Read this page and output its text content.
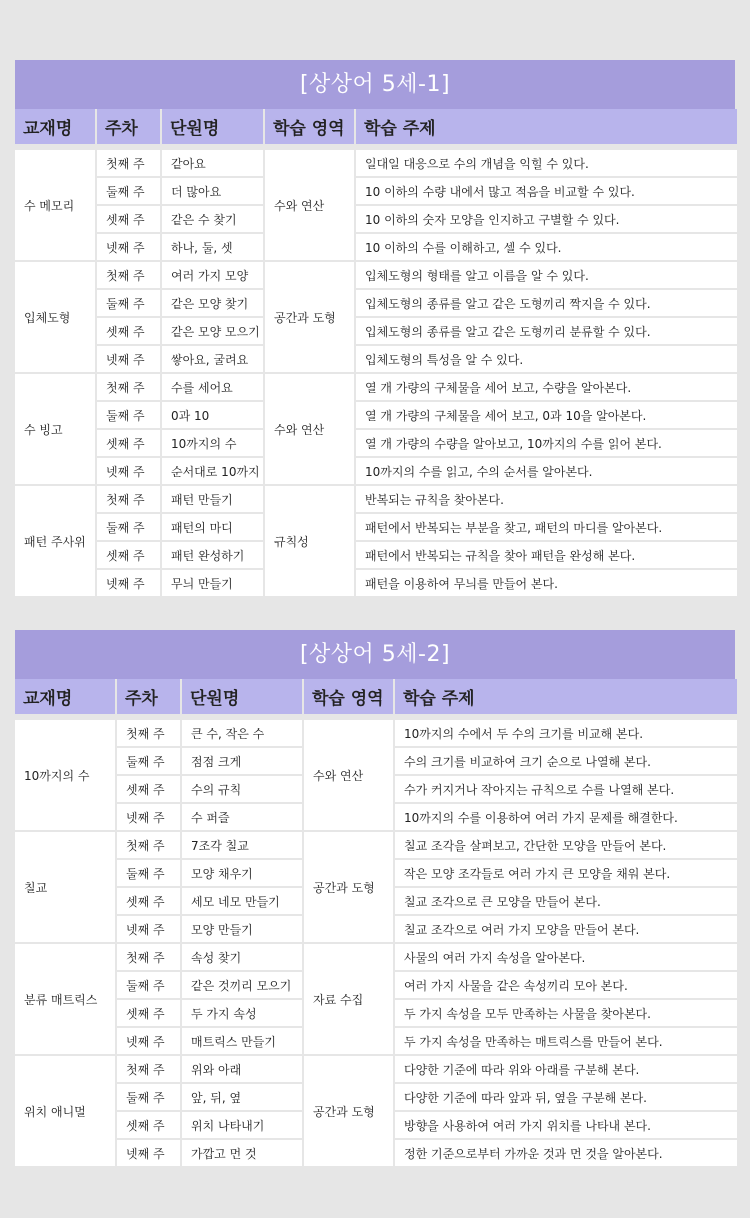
[상상어 5세-1]
교재명	주차	단원명	학습 영역	학습 주제
수 메모리	첫째 주	같아요	수와 연산	일대일 대응으로 수의 개념을 익힐 수 있다.
	둘째 주	더 많아요		10 이하의 수량 내에서 많고 적음을 비교할 수 있다.
	셋째 주	같은 수 찾기		10 이하의 숫자 모양을 인지하고 구별할 수 있다.
	넷째 주	하나, 둘, 셋		10 이하의 수를 이해하고, 셀 수 있다.
입체도형	첫째 주	여러 가지 모양	공간과 도형	입체도형의 형태를 알고 이름을 알 수 있다.
	둘째 주	같은 모양 찾기		입체도형의 종류를 알고 같은 도형끼리 짝지을 수 있다.
	셋째 주	같은 모양 모으기		입체도형의 종류를 알고 같은 도형끼리 분류할 수 있다.
	넷째 주	쌓아요, 굴려요		입체도형의 특성을 알 수 있다.
수 빙고	첫째 주	수를 세어요	수와 연산	열 개 가량의 구체물을 세어 보고, 수량을 알아본다.
	둘째 주	0과 10		열 개 가량의 구체물을 세어 보고, 0과 10을 알아본다.
	셋째 주	10까지의 수		열 개 가량의 수량을 알아보고, 10까지의 수를 읽어 본다.
	넷째 주	순서대로 10까지		10까지의 수를 읽고, 수의 순서를 알아본다.
패턴 주사위	첫째 주	패턴 만들기	규칙성	반복되는 규칙을 찾아본다.
	둘째 주	패턴의 마디		패턴에서 반복되는 부분을 찾고, 패턴의 마디를 알아본다.
	셋째 주	패턴 완성하기		패턴에서 반복되는 규칙을 찾아 패턴을 완성해 본다.
	넷째 주	무늬 만들기		패턴을 이용하여 무늬를 만들어 본다.
[상상어 5세-2]
교재명	주차	단원명	학습 영역	학습 주제
10까지의 수	첫째 주	큰 수, 작은 수	수와 연산	10까지의 수에서 두 수의 크기를 비교해 본다.
	둘째 주	점점 크게		수의 크기를 비교하여 크기 순으로 나열해 본다.
	셋째 주	수의 규칙		수가 커지거나 작아지는 규칙으로 수를 나열해 본다.
	넷째 주	수 퍼즐		10까지의 수를 이용하여 여러 가지 문제를 해결한다.
칠교	첫째 주	7조각 칠교	공간과 도형	칠교 조각을 살펴보고, 간단한 모양을 만들어 본다.
	둘째 주	모양 채우기		작은 모양 조각들로 여러 가지 큰 모양을 채워 본다.
	셋째 주	세모 네모 만들기		칠교 조각으로 큰 모양을 만들어 본다.
	넷째 주	모양 만들기		칠교 조각으로 여러 가지 모양을 만들어 본다.
분류 매트릭스	첫째 주	속성 찾기	자료 수집	사물의 여러 가지 속성을 알아본다.
	둘째 주	같은 것끼리 모으기		여러 가지 사물을 같은 속성끼리 모아 본다.
	셋째 주	두 가지 속성		두 가지 속성을 모두 만족하는 사물을 찾아본다.
	넷째 주	매트릭스 만들기		두 가지 속성을 만족하는 매트릭스를 만들어 본다.
위치 애니멀	첫째 주	위와 아래	공간과 도형	다양한 기준에 따라 위와 아래를 구분해 본다.
	둘째 주	앞, 뒤, 옆		다양한 기준에 따라 앞과 뒤, 옆을 구분해 본다.
	셋째 주	위치 나타내기		방향을 사용하여 여러 가지 위치를 나타내 본다.
	넷째 주	가깝고 먼 것		정한 기준으로부터 가까운 것과 먼 것을 알아본다.
